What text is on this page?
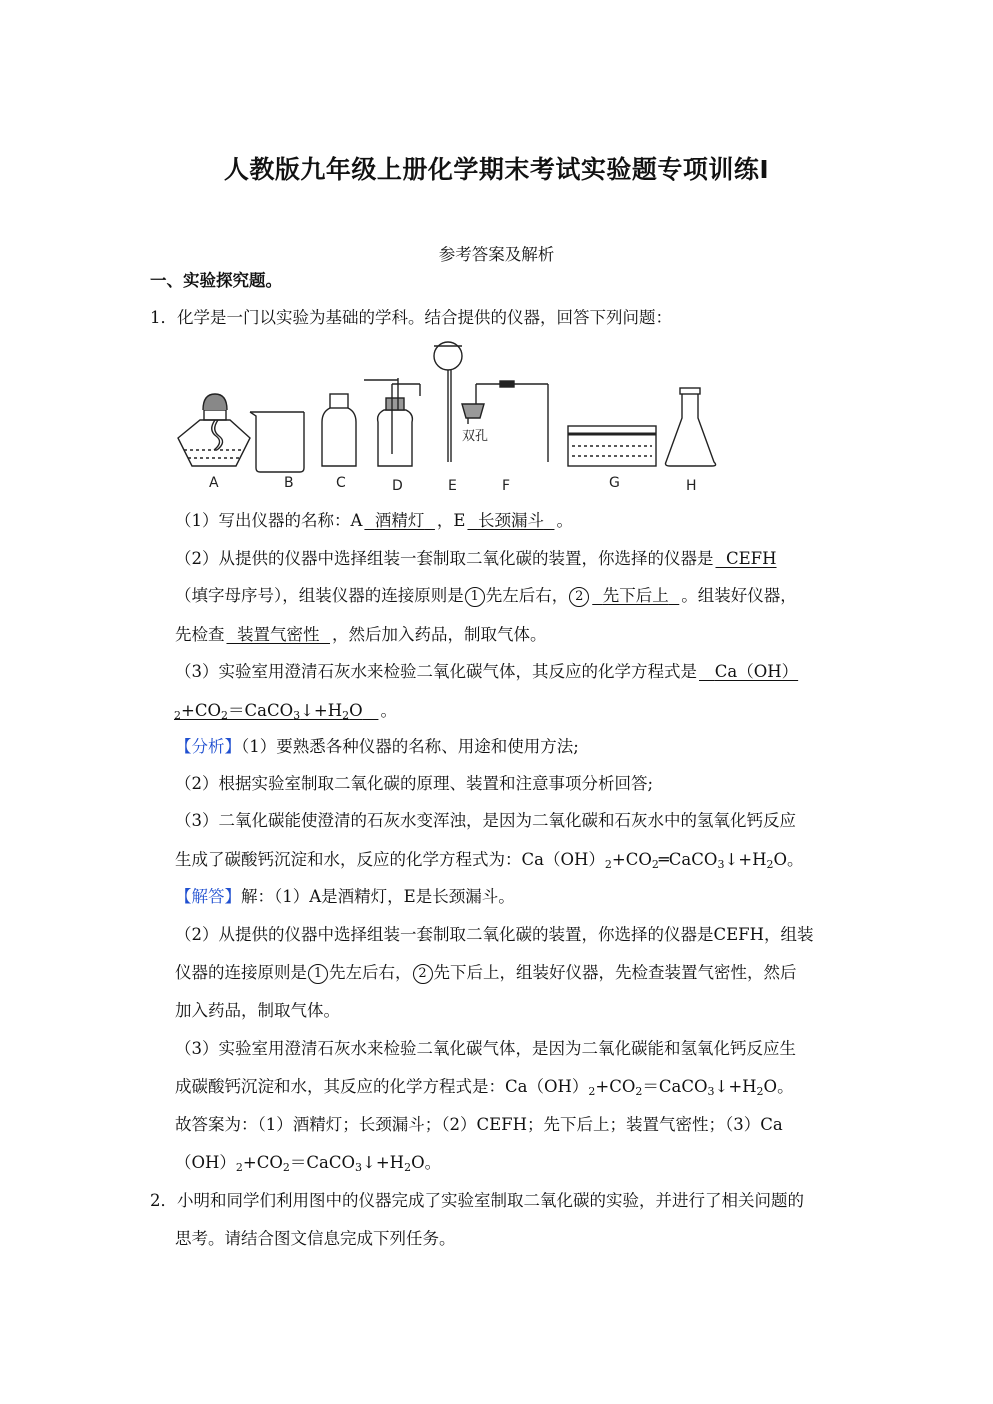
人教版九年级上册化学期末考试实验题专项训练Ⅰ
参考答案及解析
一、实验探究题。
1．化学是一门以实验为基础的学科。结合提供的仪器，回答下列问题：
A	B	C	D	E	F	G	H
双孔
（1）写出仪器的名称：A 酒精灯 ，E 长颈漏斗 。
（2）从提供的仪器中选择组装一套制取二氧化碳的装置，你选择的仪器是 CEFH
（填字母序号），组装仪器的连接原则是 1 先左后右， 2 先下后上 。组装好仪器，
先检查 装置气密性 ，然后加入药品，制取气体。
（3）实验室用澄清石灰水来检验二氧化碳气体，其反应的化学方程式是 Ca（OH）
$_2+CO_2=CaCO_3↓+H_2O$ 。
【分析】（1）要熟悉各种仪器的名称、用途和使用方法;
（2）根据实验室制取二氧化碳的原理、装置和注意事项分析回答;
（3）二氧化碳能使澄清的石灰水变浑浊，是因为二氧化碳和石灰水中的氢氧化钙反应
生成了碳酸钙沉淀和水，反应的化学方程式为：$Ca(OH)_2+CO_2═CaCO_3↓+H_2O$。
【解答】解：（1）A是酒精灯，E是长颈漏斗。
（2）从提供的仪器中选择组装一套制取二氧化碳的装置，你选择的仪器是CEFH，组装
仪器的连接原则是 1 先左后右， 2 先下后上，组装好仪器，先检查装置气密性，然后
加入药品，制取气体。
（3）实验室用澄清石灰水来检验二氧化碳气体，是因为二氧化碳能和氢氧化钙反应生
成碳酸钙沉淀和水，其反应的化学方程式是：$Ca(OH)_2+CO_2=CaCO_3↓+H_2O$。
故答案为：（1）酒精灯；长颈漏斗；（2）CEFH；先下后上；装置气密性；（3）Ca
$(OH)_2+CO_2=CaCO_3↓+H_2O$。
2．小明和同学们利用图中的仪器完成了实验室制取二氧化碳的实验，并进行了相关问题的
思考。请结合图文信息完成下列任务。
